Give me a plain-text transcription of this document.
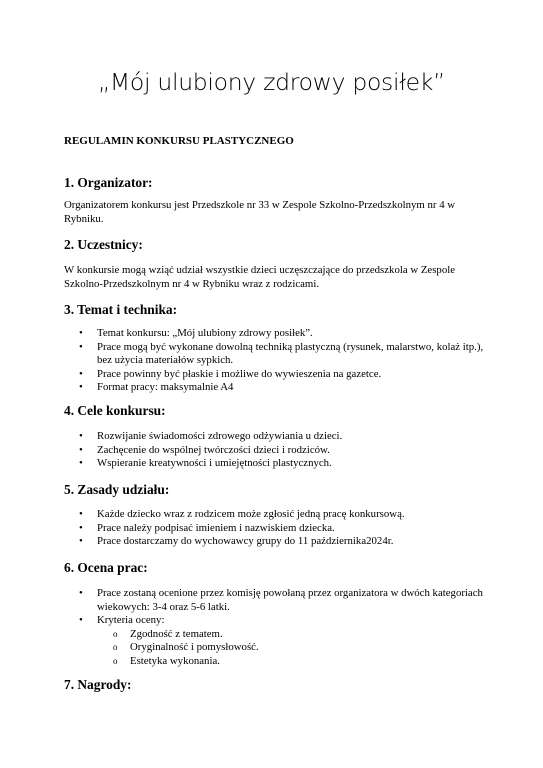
„Mój ulubiony zdrowy posiłek”

REGULAMIN KONKURSU PLASTYCZNEGO

1. Organizator:

Organizatorem konkursu jest Przedszkole nr 33 w Zespole Szkolno-Przedszkolnym nr 4 w Rybniku.

2. Uczestnicy:

W konkursie mogą wziąć udział wszystkie dzieci uczęszczające do przedszkola w Zespole Szkolno-Przedszkolnym nr 4 w Rybniku wraz z rodzicami.

3. Temat i technika:
• Temat konkursu: „Mój ulubiony zdrowy posiłek”.
• Prace mogą być wykonane dowolną techniką plastyczną (rysunek, malarstwo, kolaż itp.), bez użycia materiałów sypkich.
• Prace powinny być płaskie i możliwe do wywieszenia na gazetce.
• Format pracy: maksymalnie A4
4. Cele konkursu:
• Rozwijanie świadomości zdrowego odżywiania u dzieci.
• Zachęcenie do wspólnej twórczości dzieci i rodziców.
• Wspieranie kreatywności i umiejętności plastycznych.
5. Zasady udziału:
• Każde dziecko wraz z rodzicem może zgłosić jedną pracę konkursową.
• Prace należy podpisać imieniem i nazwiskiem dziecka.
• Prace dostarczamy do wychowawcy grupy do 11 października2024r.
6. Ocena prac:
• Prace zostaną ocenione przez komisję powołaną przez organizatora w dwóch kategoriach wiekowych: 3-4 oraz 5-6 latki.
• Kryteria oceny:
o Zgodność z tematem.
o Oryginalność i pomysłowość.
o Estetyka wykonania.
7. Nagrody:
